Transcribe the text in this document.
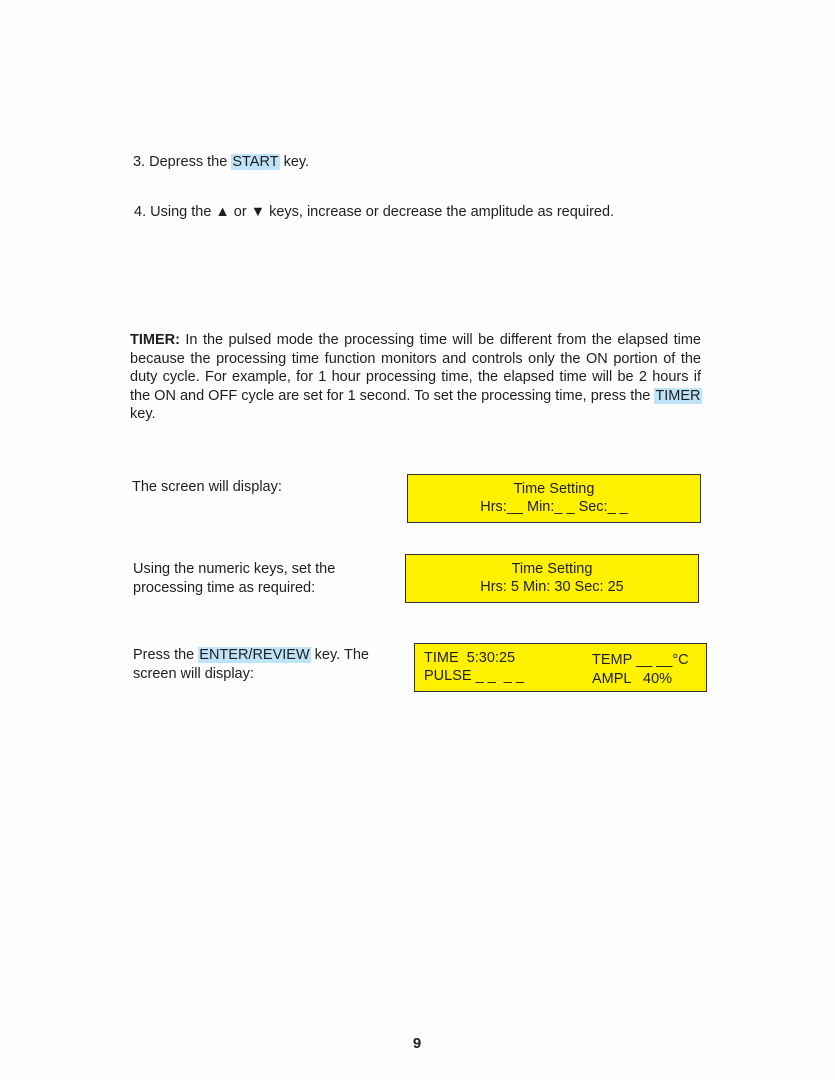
3. Depress the START key.
4. Using the ▲ or ▼ keys, increase or decrease the amplitude as required.
TIMER: In the pulsed mode the processing time will be different from the elapsed time because the processing time function monitors and controls only the ON portion of the duty cycle. For example, for 1 hour processing time, the elapsed time will be 2 hours if the ON and OFF cycle are set for 1 second. To set the processing time, press the TIMER key.
The screen will display:	Time Setting
Hrs:__ Min:_ _ Sec:_ _
Using the numeric keys, set the
processing time as required:
Time Setting
Hrs: 5 Min: 30 Sec: 25
Press the ENTER/REVIEW key. The
screen will display:
TIME  5:30:25	TEMP __ __°C
PULSE _ _  _ _	AMPL   40%
9
